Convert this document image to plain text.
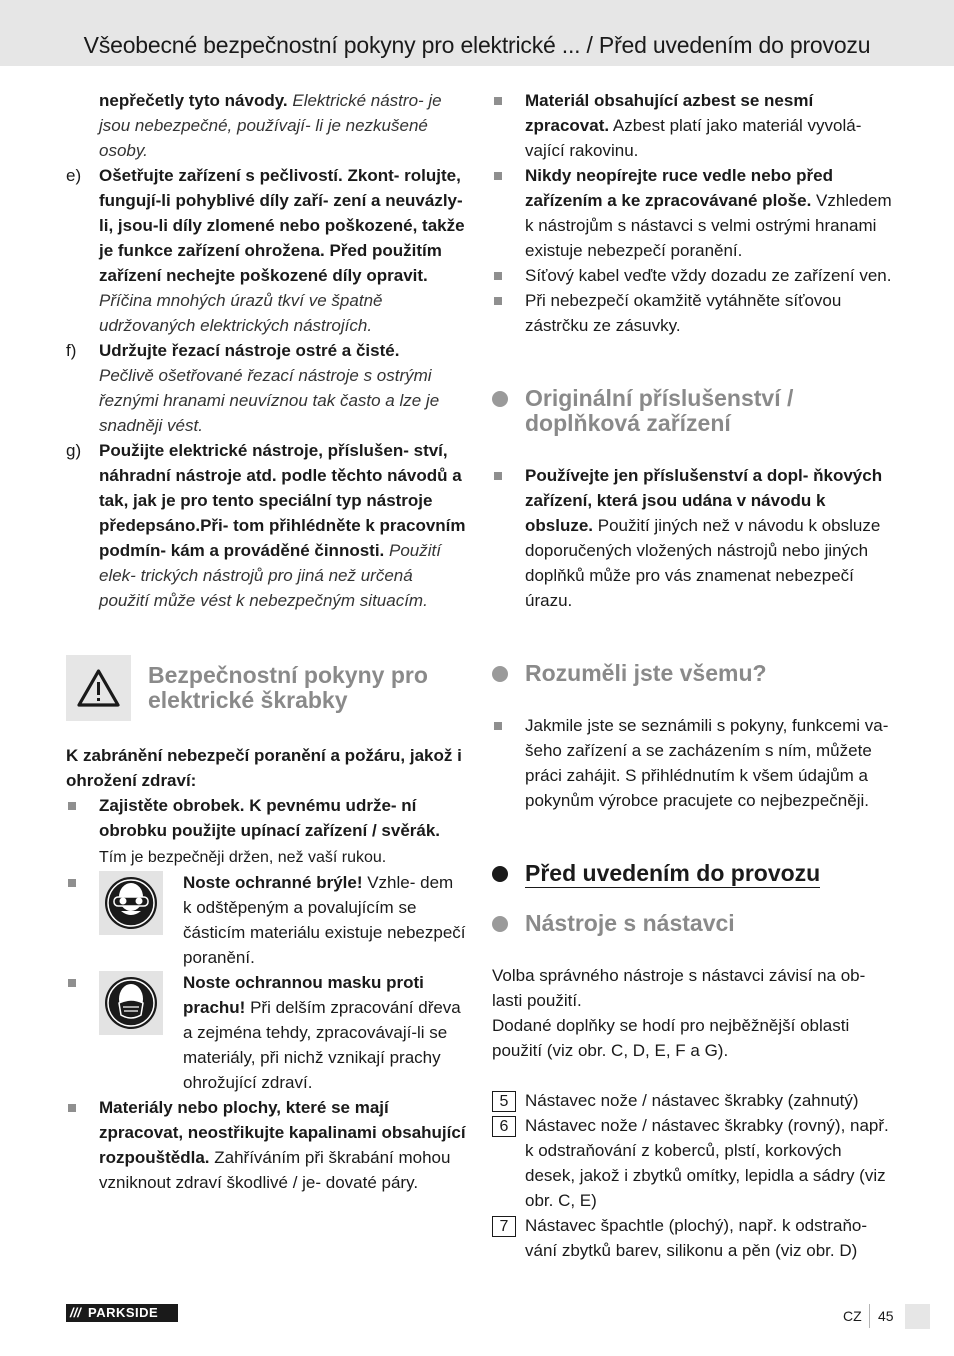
Všeobecné bezpečnostní pokyny pro elektrické ... / Před uvedením do provozu

nepřečetly tyto návody. Elektrické nástro- je jsou nebezpečné, používají- li je nezkušené osoby.

e)	Ošetřujte zařízení s pečlivostí. Zkont- rolujte, fungují-li pohyblivé díly zaří- zení a neuvázly-li, jsou-li díly zlomené nebo poškozené, takže je funkce zařízení ohrožena. Před použitím zařízení nechejte poškozené díly opravit. Příčina mnohých úrazů tkví ve špatně udržovaných elektrických nástrojích.

f)	Udržujte řezací nástroje ostré a čisté.
Pečlivě ošetřované řezací nástroje s ostrými řeznými hranami neuvíznou tak často a lze je snadněji vést.

g)	Použijte elektrické nástroje, příslušen- ství, náhradní nástroje atd. podle těchto návodů a tak, jak je pro tento speciální typ nástroje předepsáno.Při- tom přihlédněte k pracovním podmín- kám a prováděné činnosti. Použití elek- trických nástrojů pro jiná než určená použití může vést k nebezpečným situacím.

Bezpečnostní pokyny pro elektrické škrabky

K zabránění nebezpečí poranění a požáru, jakož i ohrožení zdraví:

Zajistěte obrobek. K pevnému udrže- ní obrobku použijte upínací zařízení / svěrák. Tím je bezpečněji držen, než vaší rukou.

Noste ochranné brýle! Vzhle- dem k odštěpeným a povalujícím se částicím materiálu existuje nebezpečí poranění.

Noste ochrannou masku proti prachu! Při delším zpracování dřeva a zejména tehdy, zpracovávají-li se materiály, při nichž vznikají prachy ohrožující zdraví.

Materiály nebo plochy, které se mají zpracovat, neostřikujte kapalinami obsahující rozpouštědla. Zahříváním při škrabání mohou vzniknout zdraví škodlivé / je- dovaté páry.

Materiál obsahující azbest se nesmí zpracovat. Azbest platí jako materiál vyvolá- vající rakovinu.

Nikdy neopírejte ruce vedle nebo před zařízením a ke zpracovávané ploše. Vzhledem k nástrojům s nástavci s velmi ostrými hranami existuje nebezpečí poranění.

Síťový kabel veďte vždy dozadu ze zařízení ven.

Při nebezpečí okamžitě vytáhněte síťovou zástrčku ze zásuvky.

Originální příslušenství / doplňková zařízení

Používejte jen příslušenství a dopl- ňkových zařízení, která jsou udána v návodu k obsluze. Použití jiných než v návodu k obsluze doporučených vložených nástrojů nebo jiných doplňků může pro vás znamenat nebezpečí úrazu.

Rozuměli jste všemu?

Jakmile jste se seznámili s pokyny, funkcemi va- šeho zařízení a se zacházením s ním, můžete práci zahájit. S přihlédnutím k všem údajům a pokynům výrobce pracujete co nejbezpečněji.

Před uvedením do provozu
Nástroje s nástavci

Volba správného nástroje s nástavci závisí na ob- lasti použití.

Dodané doplňky se hodí pro nejběžnější oblasti použití (viz obr. C, D, E, F a G).

5 Nástavec nože / nástavec škrabky (zahnutý)

6 Nástavec nože / nástavec škrabky (rovný), např. k odstraňování z koberců, plstí, korkových desek, jakož i zbytků omítky, lepidla a sádry (viz obr. C, E)

7 Nástavec špachtle (plochý), např. k odstraňo- vání zbytků barev, silikonu a pěn (viz obr. D)

/// PARKSIDE	CZ 45
